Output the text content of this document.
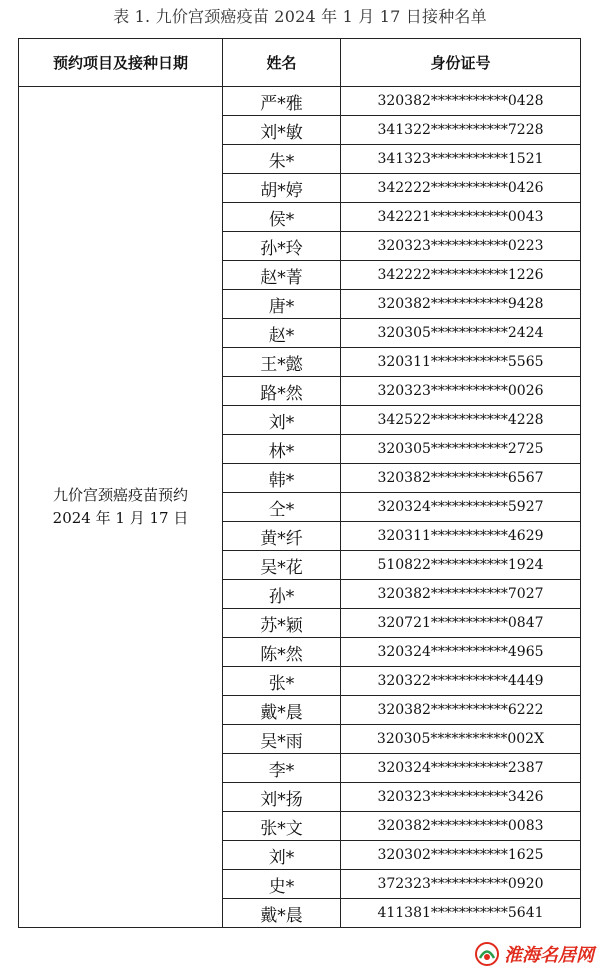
表 1. 九价宫颈癌疫苗 2024 年 1 月 17 日接种名单
预约项目及接种日期	姓名	身份证号

九价宫颈癌疫苗预约
2024 年 1 月 17 日	严*雅	320382***********0428
	刘*敏	341322***********7228
	朱*	341323***********1521
	胡*婷	342222***********0426
	侯*	342221***********0043
	孙*玲	320323***********0223
	赵*菁	342222***********1226
	唐*	320382***********9428
	赵*	320305***********2424
	王*懿	320311***********5565
	路*然	320323***********0026
	刘*	342522***********4228
	林*	320305***********2725
	韩*	320382***********6567
	仝*	320324***********5927
	黄*纤	320311***********4629
	吴*花	510822***********1924
	孙*	320382***********7027
	苏*颖	320721***********0847
	陈*然	320324***********4965
	张*	320322***********4449
	戴*晨	320382***********6222
	吴*雨	320305***********002X
	李*	320324***********2387
	刘*扬	320323***********3426
	张*文	320382***********0083
	刘*	320302***********1625
	史*	372323***********0920
	戴*晨	411381***********5641
淮海名居网
